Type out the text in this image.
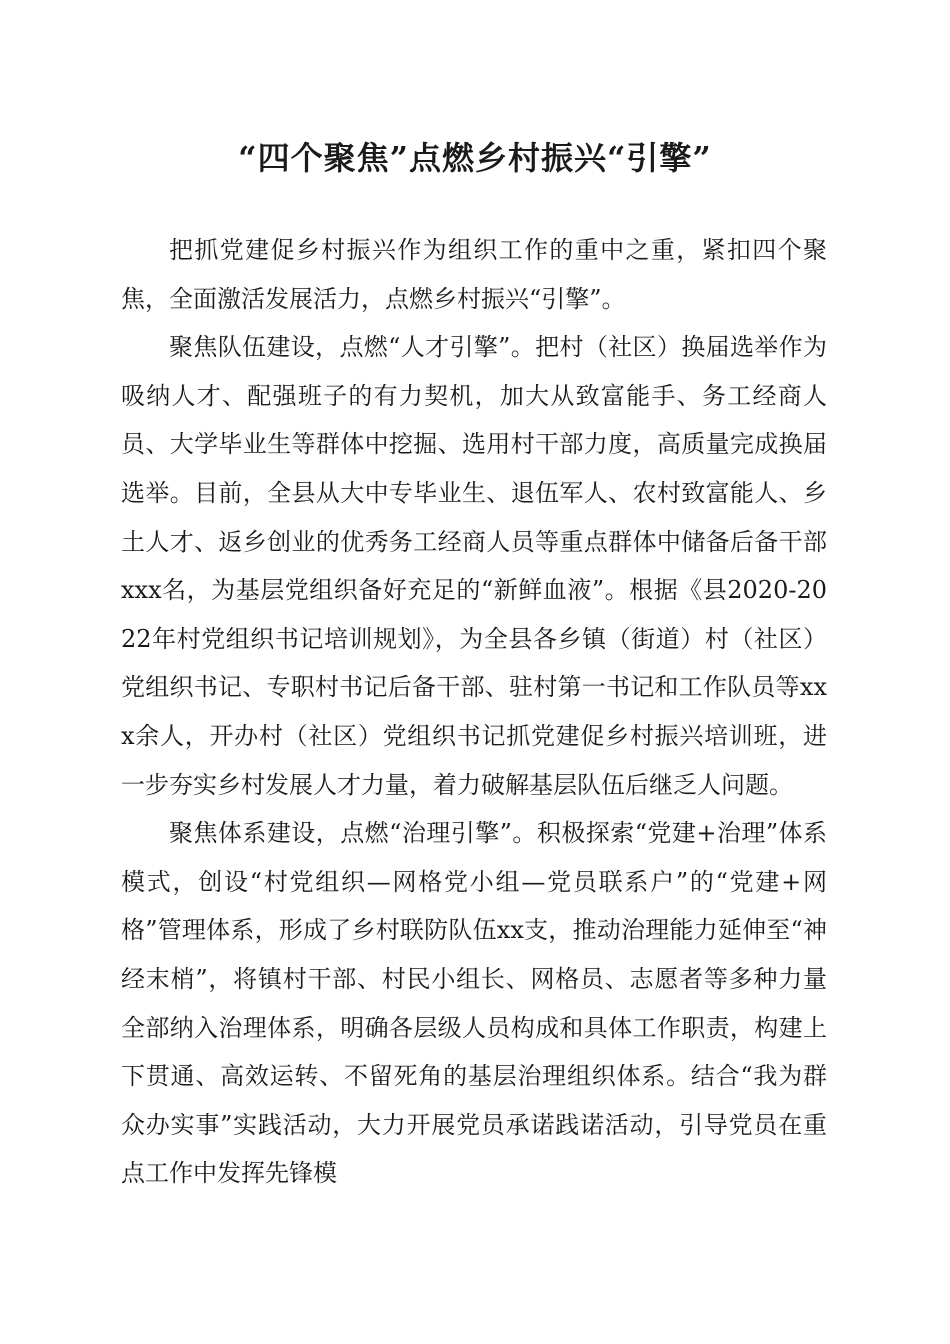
“四个聚焦”点燃乡村振兴“引擎”

把抓党建促乡村振兴作为组织工作的重中之重，紧扣四个聚焦，全面激活发展活力，点燃乡村振兴“引擎”。

聚焦队伍建设，点燃“人才引擎”。把村（社区）换届选举作为吸纳人才、配强班子的有力契机，加大从致富能手、务工经商人员、大学毕业生等群体中挖掘、选用村干部力度，高质量完成换届选举。目前，全县从大中专毕业生、退伍军人、农村致富能人、乡土人才、返乡创业的优秀务工经商人员等重点群体中储备后备干部xxx名，为基层党组织备好充足的“新鲜血液”。根据《县2020-2022年村党组织书记培训规划》，为全县各乡镇（街道）村（社区）党组织书记、专职村书记后备干部、驻村第一书记和工作队员等xxx余人，开办村（社区）党组织书记抓党建促乡村振兴培训班，进一步夯实乡村发展人才力量，着力破解基层队伍后继乏人问题。

聚焦体系建设，点燃“治理引擎”。积极探索“党建+治理”体系模式，创设“村党组织—网格党小组—党员联系户”的“党建+网格”管理体系，形成了乡村联防队伍xx支，推动治理能力延伸至“神经末梢”，将镇村干部、村民小组长、网格员、志愿者等多种力量全部纳入治理体系，明确各层级人员构成和具体工作职责，构建上下贯通、高效运转、不留死角的基层治理组织体系。结合“我为群众办实事”实践活动，大力开展党员承诺践诺活动，引导党员在重点工作中发挥先锋模
